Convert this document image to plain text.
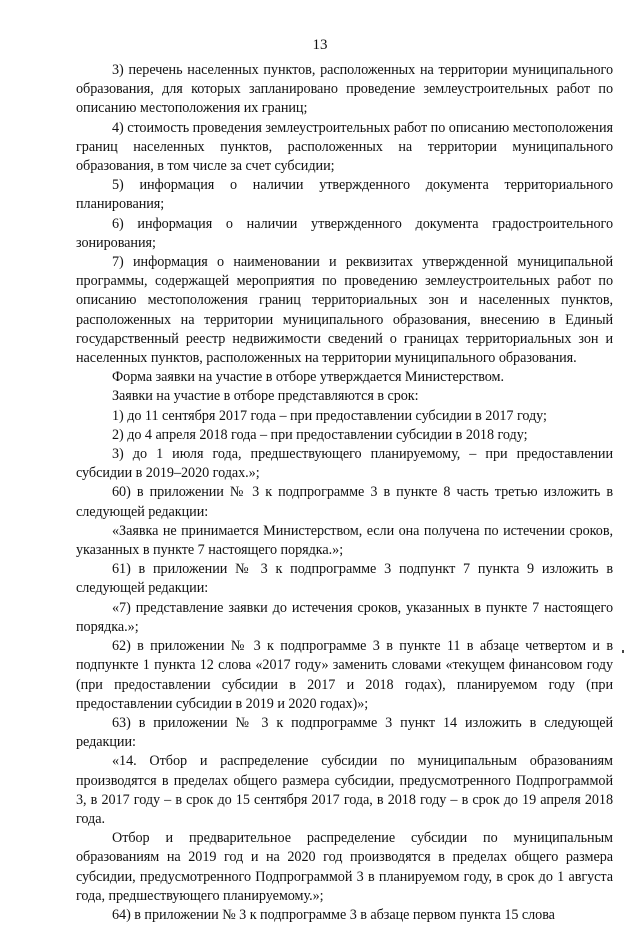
13

3) перечень населенных пунктов, расположенных на территории муниципального образования, для которых запланировано проведение землеустроительных работ по описанию местоположения их границ;

4) стоимость проведения землеустроительных работ по описанию местоположения границ населенных пунктов, расположенных на территории муниципального образования, в том числе за счет субсидии;

5) информация о наличии утвержденного документа территориального планирования;

6) информация о наличии утвержденного документа градостроительного зонирования;

7) информация о наименовании и реквизитах утвержденной муниципальной программы, содержащей мероприятия по проведению землеустроительных работ по описанию местоположения границ территориальных зон и населенных пунктов, расположенных на территории муниципального образования, внесению в Единый государственный реестр недвижимости сведений о границах территориальных зон и населенных пунктов, расположенных на территории муниципального образования.

Форма заявки на участие в отборе утверждается Министерством.

Заявки на участие в отборе представляются в срок:

1) до 11 сентября 2017 года – при предоставлении субсидии в 2017 году;

2) до 4 апреля 2018 года – при предоставлении субсидии в 2018 году;

3) до 1 июля года, предшествующего планируемому, – при предоставлении субсидии в 2019–2020 годах.»;

60) в приложении № 3 к подпрограмме 3 в пункте 8 часть третью изложить в следующей редакции:

«Заявка не принимается Министерством, если она получена по истечении сроков, указанных в пункте 7 настоящего порядка.»;

61) в приложении № 3 к подпрограмме 3 подпункт 7 пункта 9 изложить в следующей редакции:

«7) представление заявки до истечения сроков, указанных в пункте 7 настоящего порядка.»;

62) в приложении № 3 к подпрограмме 3 в пункте 11 в абзаце четвертом и в подпункте 1 пункта 12 слова «2017 году» заменить словами «текущем финансовом году (при предоставлении субсидии в 2017 и 2018 годах), планируемом году (при предоставлении субсидии в 2019 и 2020 годах)»;

63) в приложении № 3 к подпрограмме 3 пункт 14 изложить в следующей редакции:

«14. Отбор и распределение субсидии по муниципальным образованиям производятся в пределах общего размера субсидии, предусмотренного Подпрограммой 3, в 2017 году – в срок до 15 сентября 2017 года, в 2018 году – в срок до 19 апреля 2018 года.

Отбор и предварительное распределение субсидии по муниципальным образованиям на 2019 год и на 2020 год производятся в пределах общего размера субсидии, предусмотренного Подпрограммой 3 в планируемом году, в срок до 1 августа года, предшествующего планируемому.»;

64) в приложении № 3 к подпрограмме 3 в абзаце первом пункта 15 слова
